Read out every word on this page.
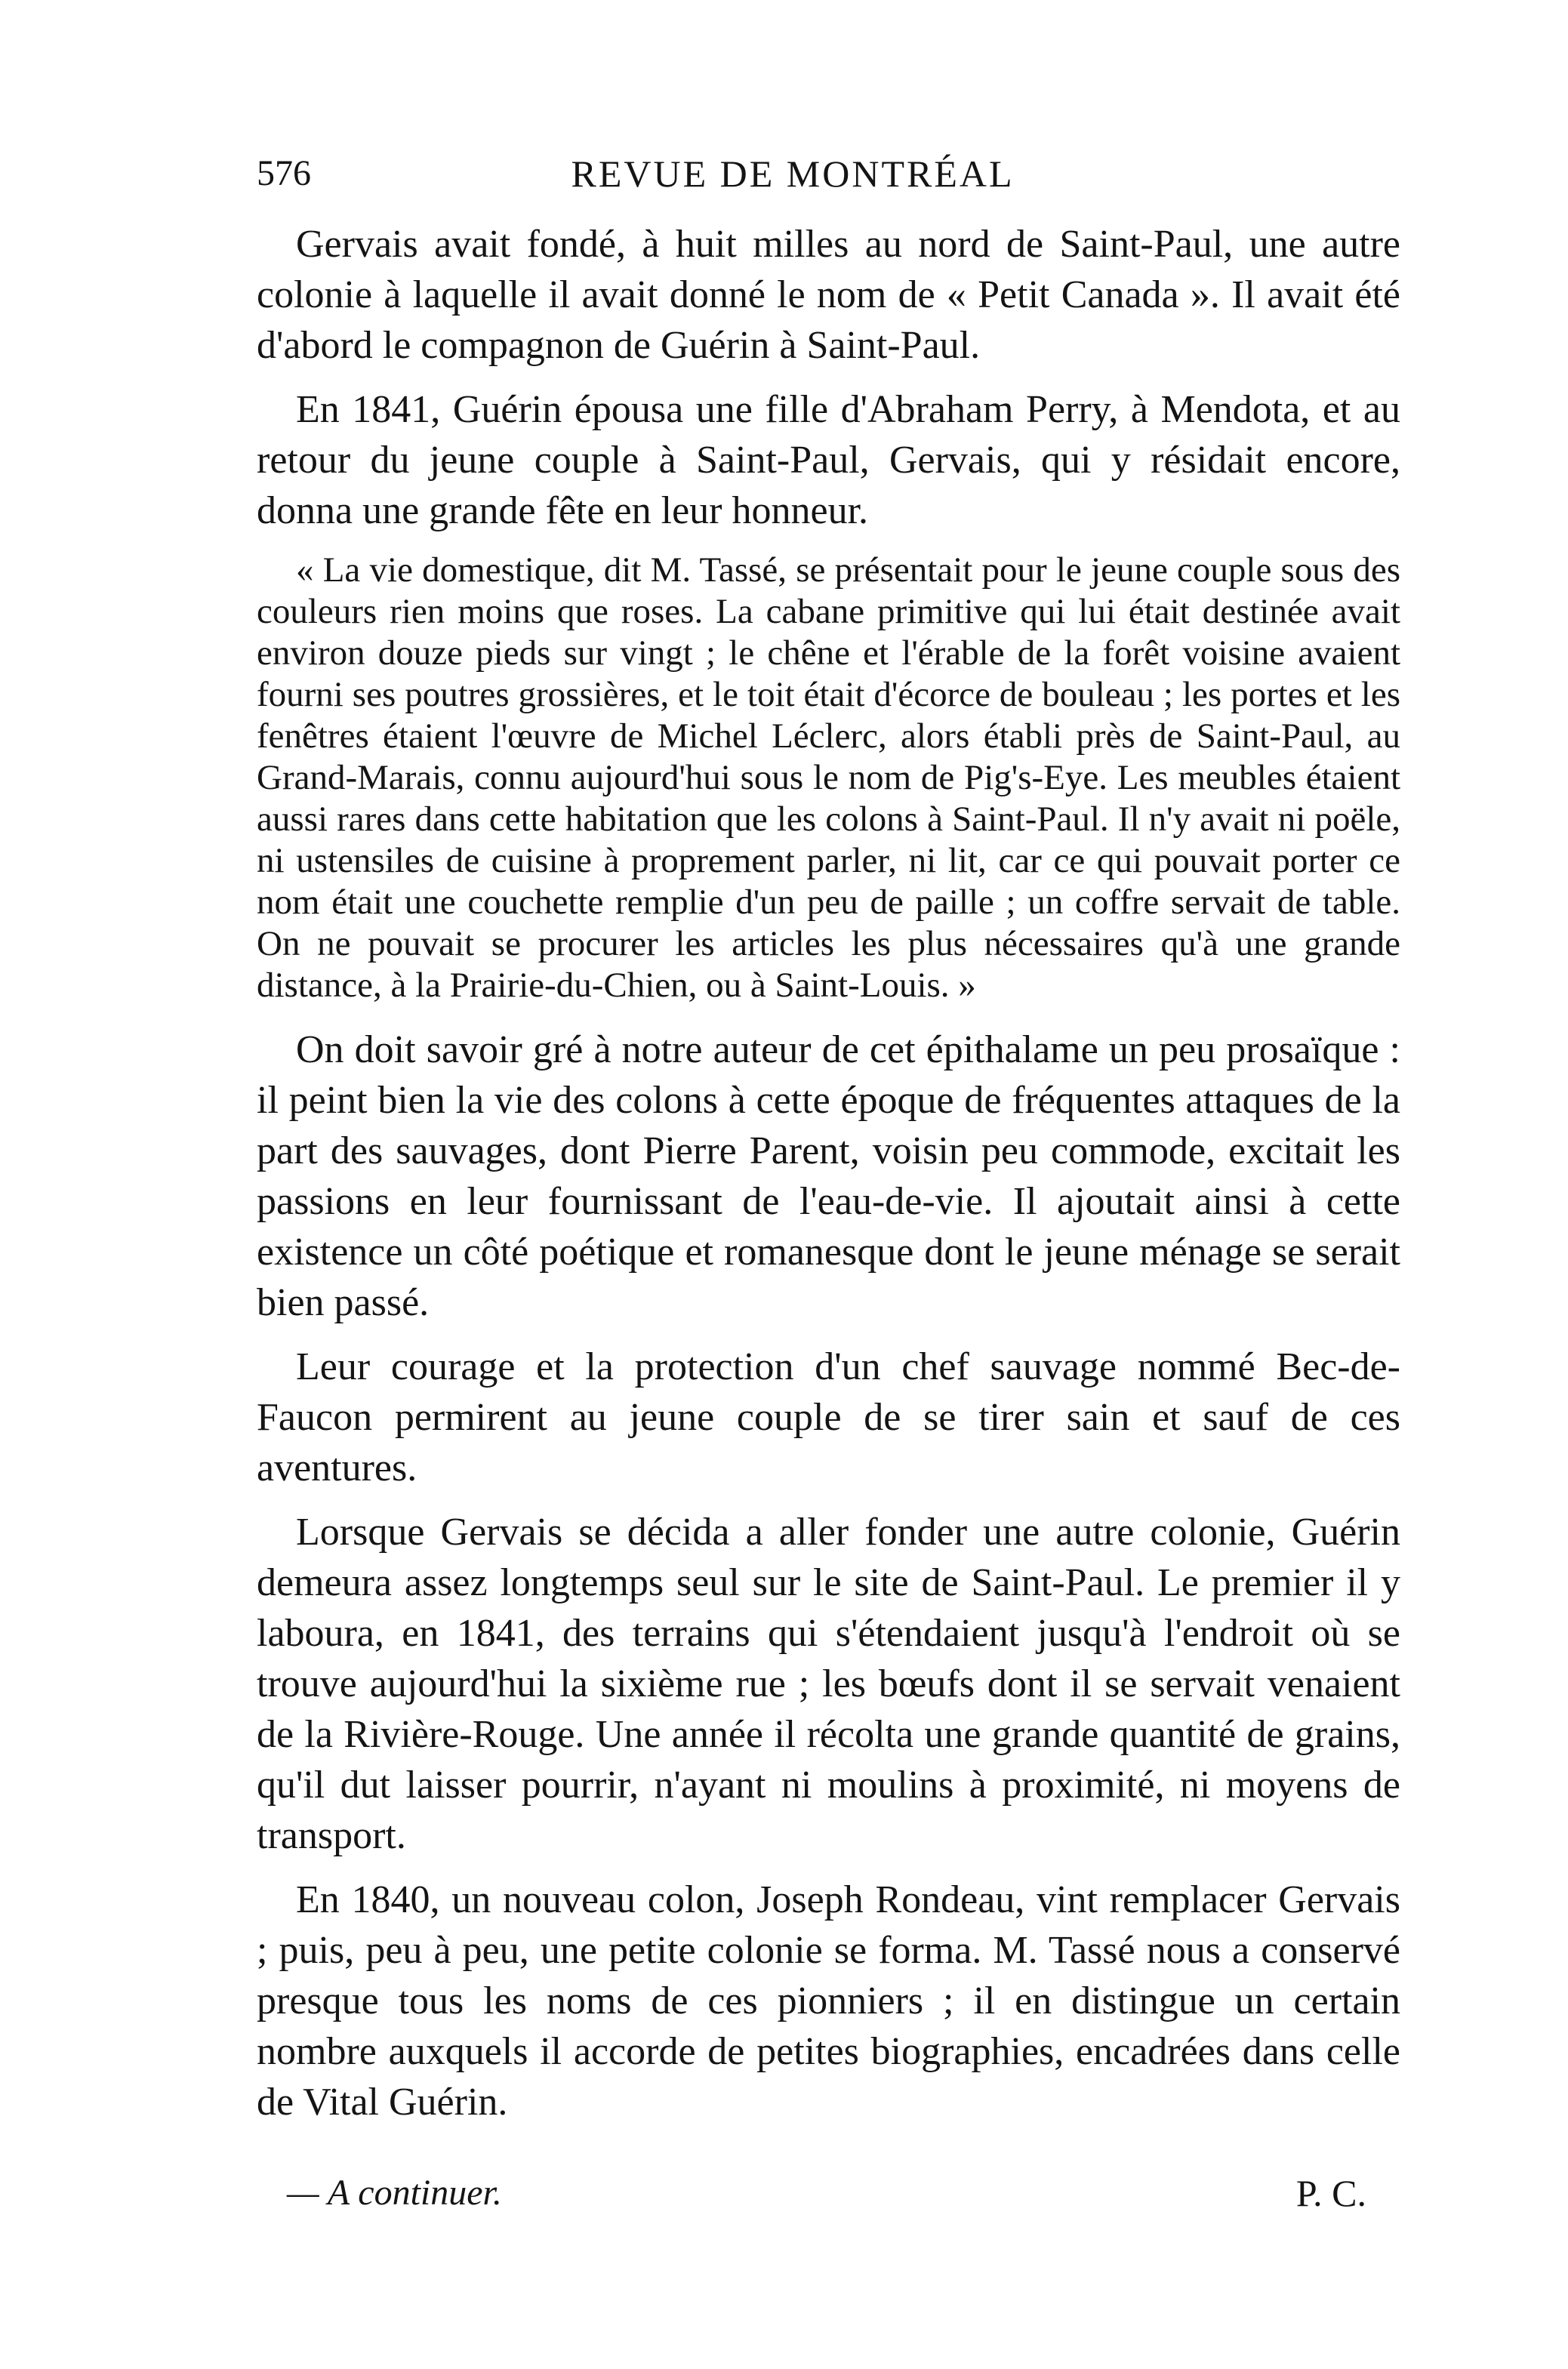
576	REVUE DE MONTRÉAL

Gervais avait fondé, à huit milles au nord de Saint-Paul, une autre colonie à laquelle il avait donné le nom de « Petit Canada ». Il avait été d'abord le compagnon de Guérin à Saint-Paul.

En 1841, Guérin épousa une fille d'Abraham Perry, à Mendota, et au retour du jeune couple à Saint-Paul, Gervais, qui y résidait encore, donna une grande fête en leur honneur.

« La vie domestique, dit M. Tassé, se présentait pour le jeune couple sous des couleurs rien moins que roses. La cabane primitive qui lui était destinée avait environ douze pieds sur vingt ; le chêne et l'érable de la forêt voisine avaient fourni ses poutres grossières, et le toit était d'écorce de bouleau ; les portes et les fenêtres étaient l'œuvre de Michel Léclerc, alors établi près de Saint-Paul, au Grand-Marais, connu aujourd'hui sous le nom de Pig's-Eye. Les meubles étaient aussi rares dans cette habitation que les colons à Saint-Paul. Il n'y avait ni poële, ni ustensiles de cuisine à proprement parler, ni lit, car ce qui pouvait porter ce nom était une couchette remplie d'un peu de paille ; un coffre servait de table. On ne pouvait se procurer les articles les plus nécessaires qu'à une grande distance, à la Prairie-du-Chien, ou à Saint-Louis. »

On doit savoir gré à notre auteur de cet épithalame un peu prosaïque : il peint bien la vie des colons à cette époque de fréquentes attaques de la part des sauvages, dont Pierre Parent, voisin peu commode, excitait les passions en leur fournissant de l'eau-de-vie. Il ajoutait ainsi à cette existence un côté poétique et romanesque dont le jeune ménage se serait bien passé.

Leur courage et la protection d'un chef sauvage nommé Bec-de-Faucon permirent au jeune couple de se tirer sain et sauf de ces aventures.

Lorsque Gervais se décida a aller fonder une autre colonie, Guérin demeura assez longtemps seul sur le site de Saint-Paul. Le premier il y laboura, en 1841, des terrains qui s'étendaient jusqu'à l'endroit où se trouve aujourd'hui la sixième rue ; les bœufs dont il se servait venaient de la Rivière-Rouge. Une année il récolta une grande quantité de grains, qu'il dut laisser pourrir, n'ayant ni moulins à proximité, ni moyens de transport.

En 1840, un nouveau colon, Joseph Rondeau, vint remplacer Gervais ; puis, peu à peu, une petite colonie se forma. M. Tassé nous a conservé presque tous les noms de ces pionniers ; il en distingue un certain nombre auxquels il accorde de petites biographies, encadrées dans celle de Vital Guérin.

— A continuer.	P. C.
